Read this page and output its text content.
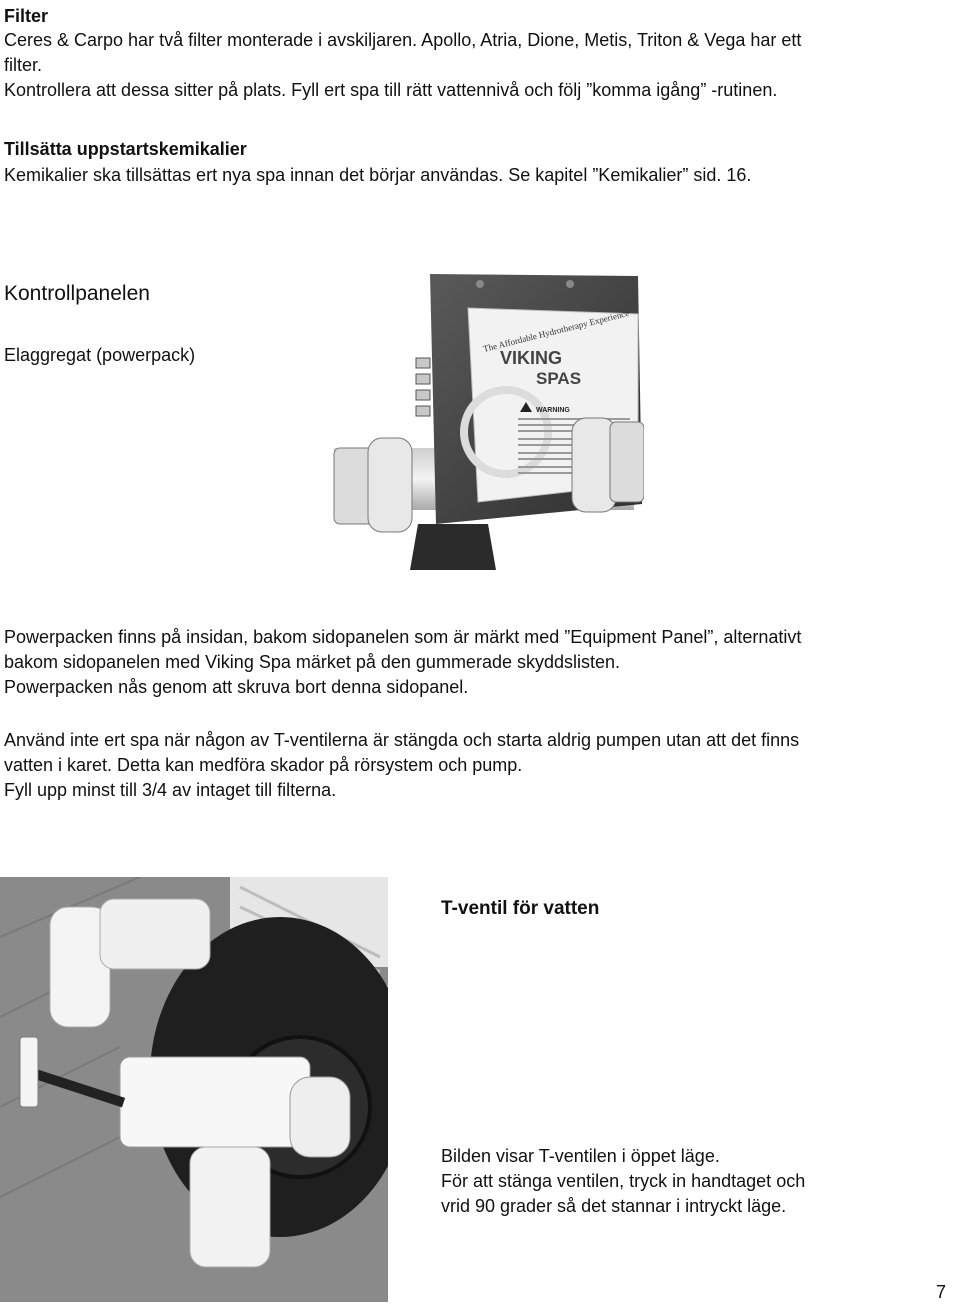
Filter
Ceres & Carpo har två filter monterade i avskiljaren. Apollo, Atria, Dione, Metis, Triton & Vega har ett
filter.
Kontrollera att dessa sitter på plats. Fyll ert spa till rätt vattennivå och följ ”komma igång” -rutinen.
Tillsätta uppstartskemikalier
Kemikalier ska tillsättas ert nya spa innan det börjar användas. Se kapitel ”Kemikalier” sid. 16.
Kontrollpanelen
Elaggregat (powerpack)
The Affordable Hydrotherapy Experience
VIKING
SPAS
WARNING
Powerpacken finns på insidan, bakom sidopanelen som är märkt med ”Equipment Panel”, alternativt
bakom sidopanelen med Viking Spa märket på den gummerade skyddslisten.
Powerpacken nås genom att skruva bort denna sidopanel.
Använd inte ert spa när någon av T-ventilerna är stängda och starta aldrig pumpen utan att det finns
vatten i karet. Detta kan medföra skador på rörsystem och pump.
Fyll upp minst till 3/4 av intaget till filterna.
T-ventil för vatten
Bilden visar T-ventilen i öppet läge.
För att stänga ventilen, tryck in handtaget och
vrid 90 grader så det stannar i intryckt läge.
7
